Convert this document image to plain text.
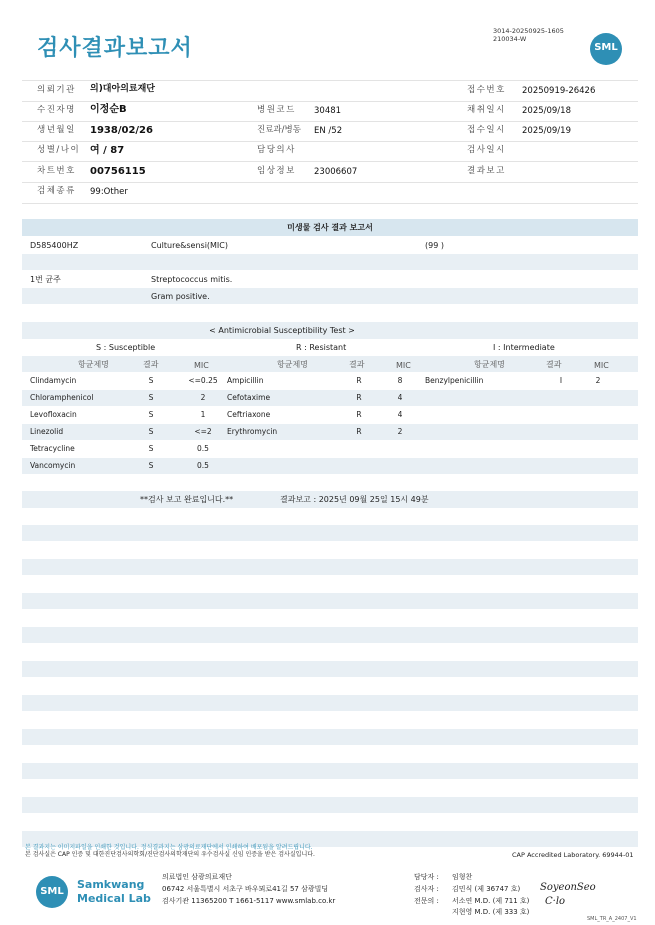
검사결과보고서
3014-20250925-1605
210034-W
SML
의뢰기관 의)대아의료재단
수진자명 이정순B
생년월일 1938/02/26
성별/나이 여 / 87
차트번호 00756115
검체종류 99:Other
병원코드 30481
진료과/병동 EN /52
담당의사
임상정보 23006607
접수번호 20250919-26426
채취일시 2025/09/18
접수일시 2025/09/19
검사일시
결과보고
미생물 검사 결과 보고서
D585400HZ	Culture&sensi(MIC)	(99 )
1번 균주	Streptococcus mitis.
Gram positive.
< Antimicrobial Susceptibility Test >
S : Susceptible	R : Resistant	I : Intermediate
항균제명	결과	MIC	항균제명	결과	MIC	항균제명	결과	MIC
Clindamycin	S	<=0.25 Ampicillin	R	8	Benzylpenicillin	I	2
Chloramphenicol	S	2	Cefotaxime	R	4
Levofloxacin	S	1	Ceftriaxone	R	4
Linezolid	S	<=2	Erythromycin	R	2
Tetracycline	S	0.5
Vancomycin	S	0.5
**검사 보고 완료입니다.**	결과보고 : 2025년 09월 25일 15시 49분
본 결과지는 이미지파일을 인쇄한 것입니다. 정식결과지는 삼광의료재단에서 인쇄하여 배포됨을 알려드립니다.
본 검사실은 CAP 인증 및 대한진단검사의학회/진단검사의학재단의 우수검사실 신임 인증을 받은 검사실입니다.	CAP Accredited Laboratory. 69944-01
SML
Samkwang
Medical Lab
의료법인 삼광의료재단
06742 서울특별시 서초구 바우뫼로41길 57 삼광빌딩
검사기관 11365200 T 1661-5117 www.smlab.co.kr
담당자 : 임형찬
검사자 : 김민식 (제 36747 호)
전문의 : 서소연 M.D. (제 711 호)
지현영 M.D. (제 333 호)
SoyeonSeo
C·lo
SML_TR_A_2407_V1
